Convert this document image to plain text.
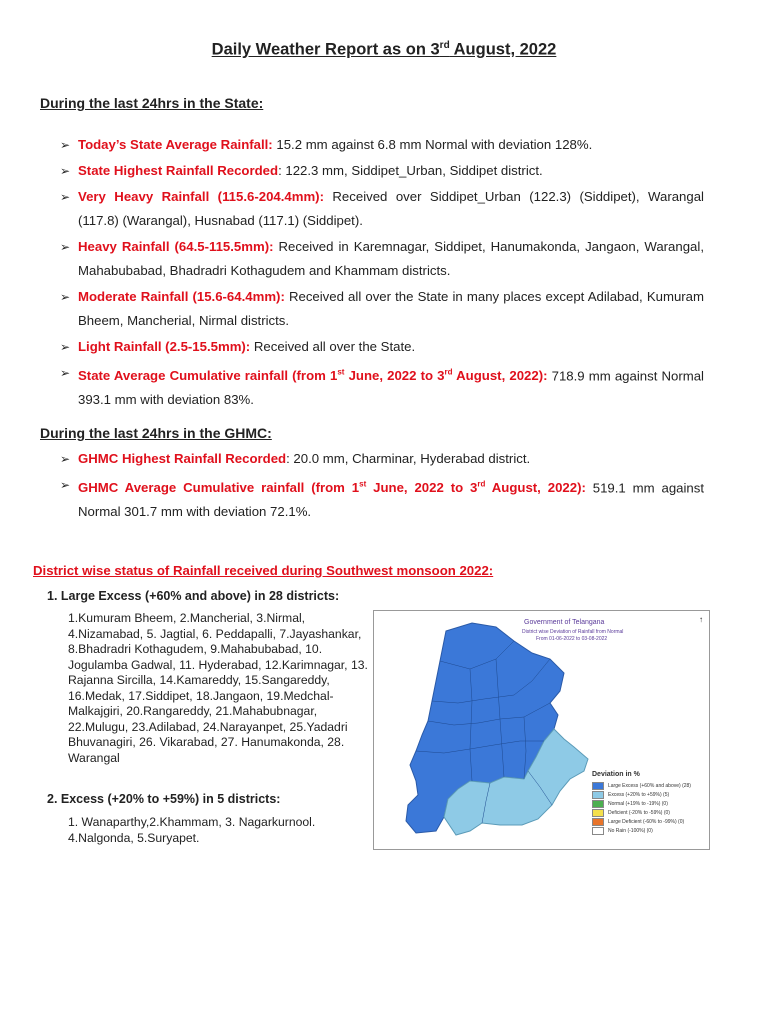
Daily Weather Report as on 3rd August, 2022
During the last 24hrs in the State:
➢ Today’s State Average Rainfall: 15.2 mm against 6.8 mm Normal with deviation 128%.
➢ State Highest Rainfall Recorded: 122.3 mm, Siddipet_Urban, Siddipet district.
➢ Very Heavy Rainfall (115.6-204.4mm): Received over Siddipet_Urban (122.3) (Siddipet), Warangal (117.8) (Warangal), Husnabad (117.1) (Siddipet).
➢ Heavy Rainfall (64.5-115.5mm): Received in Karemnagar, Siddipet, Hanumakonda, Jangaon, Warangal, Mahabubabad, Bhadradri Kothagudem and Khammam districts.
➢ Moderate Rainfall (15.6-64.4mm): Received all over the State in many places except Adilabad, Kumuram Bheem, Mancherial, Nirmal districts.
➢ Light Rainfall (2.5-15.5mm): Received all over the State.
➢ State Average Cumulative rainfall (from 1st June, 2022 to 3rd August, 2022): 718.9 mm against Normal 393.1 mm with deviation 83%.
During the last 24hrs in the GHMC:
➢ GHMC Highest Rainfall Recorded: 20.0 mm, Charminar, Hyderabad district.
➢ GHMC Average Cumulative rainfall (from 1st June, 2022 to 3rd August, 2022): 519.1 mm against Normal 301.7 mm with deviation 72.1%.
District wise status of Rainfall received during Southwest monsoon 2022:
1. Large Excess (+60% and above) in 28 districts:
1.Kumuram Bheem, 2.Mancherial, 3.Nirmal, 4.Nizamabad, 5. Jagtial, 6. Peddapalli, 7.Jayashankar, 8.Bhadradri Kothagudem, 9.Mahabubabad, 10. Jogulamba Gadwal, 11. Hyderabad, 12.Karimnagar, 13. Rajanna Sircilla, 14.Kamareddy, 15.Sangareddy, 16.Medak, 17.Siddipet, 18.Jangaon, 19.Medchal-Malkajgiri, 20.Rangareddy, 21.Mahabubnagar, 22.Mulugu, 23.Adilabad, 24.Narayanpet, 25.Yadadri Bhuvanagiri, 26. Vikarabad, 27. Hanumakonda, 28. Warangal
2. Excess (+20% to +59%) in 5 districts:
1. Wanaparthy,2.Khammam, 3. Nagarkurnool. 4.Nalgonda, 5.Suryapet.
Government of Telangana
District wise Deviation of Rainfall from Normal
From 01-06-2022 to 03-08-2022
↑
Deviation in %
Large Excess (+60% and above) (28)
Excess (+20% to +59%) (5)
Normal (+19% to -19%) (0)
Deficient (-20% to -59%) (0)
Large Deficient (-60% to -99%) (0)
No Rain (-100%) (0)
